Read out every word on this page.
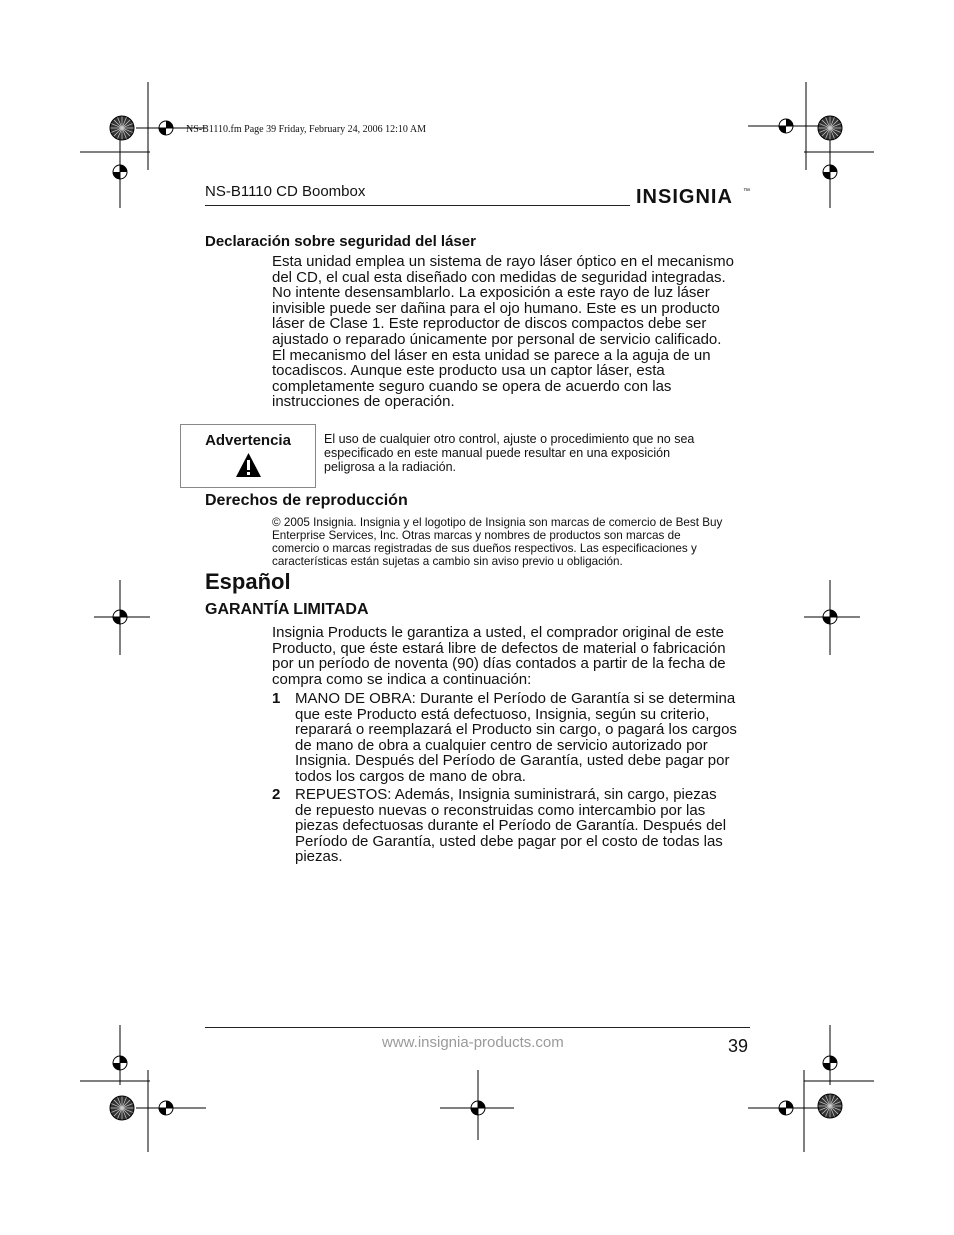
NS-B1110.fm Page 39 Friday, February 24, 2006 12:10 AM
NS-B1110 CD Boombox	INSIGNIA ™
Declaración sobre seguridad del láser
Esta unidad emplea un sistema de rayo láser óptico en el mecanismo
del CD, el cual esta diseñado con medidas de seguridad integradas.
No intente desensamblarlo. La exposición a este rayo de luz láser
invisible puede ser dañina para el ojo humano. Este es un producto
láser de Clase 1. Este reproductor de discos compactos debe ser
ajustado o reparado únicamente por personal de servicio calificado.
El mecanismo del láser en esta unidad se parece a la aguja de un
tocadiscos. Aunque este producto usa un captor láser, esta
completamente seguro cuando se opera de acuerdo con las
instrucciones de operación.
Advertencia	El uso de cualquier otro control, ajuste o procedimiento que no sea
especificado en este manual puede resultar en una exposición
peligrosa a la radiación.
Derechos de reproducción
© 2005 Insignia. Insignia y el logotipo de Insignia son marcas de comercio de Best Buy
Enterprise Services, Inc. Otras marcas y nombres de productos son marcas de
comercio o marcas registradas de sus dueños respectivos. Las especificaciones y
características están sujetas a cambio sin aviso previo u obligación.
Español
GARANTÍA LIMITADA
Insignia Products le garantiza a usted, el comprador original de este
Producto, que éste estará libre de defectos de material o fabricación
por un período de noventa (90) días contados a partir de la fecha de
compra como se indica a continuación:
1 MANO DE OBRA: Durante el Período de Garantía si se determina
que este Producto está defectuoso, Insignia, según su criterio,
reparará o reemplazará el Producto sin cargo, o pagará los cargos
de mano de obra a cualquier centro de servicio autorizado por
Insignia. Después del Período de Garantía, usted debe pagar por
todos los cargos de mano de obra.
2 REPUESTOS: Además, Insignia suministrará, sin cargo, piezas
de repuesto nuevas o reconstruidas como intercambio por las
piezas defectuosas durante el Período de Garantía. Después del
Período de Garantía, usted debe pagar por el costo de todas las
piezas.
www.insignia-products.com	39
